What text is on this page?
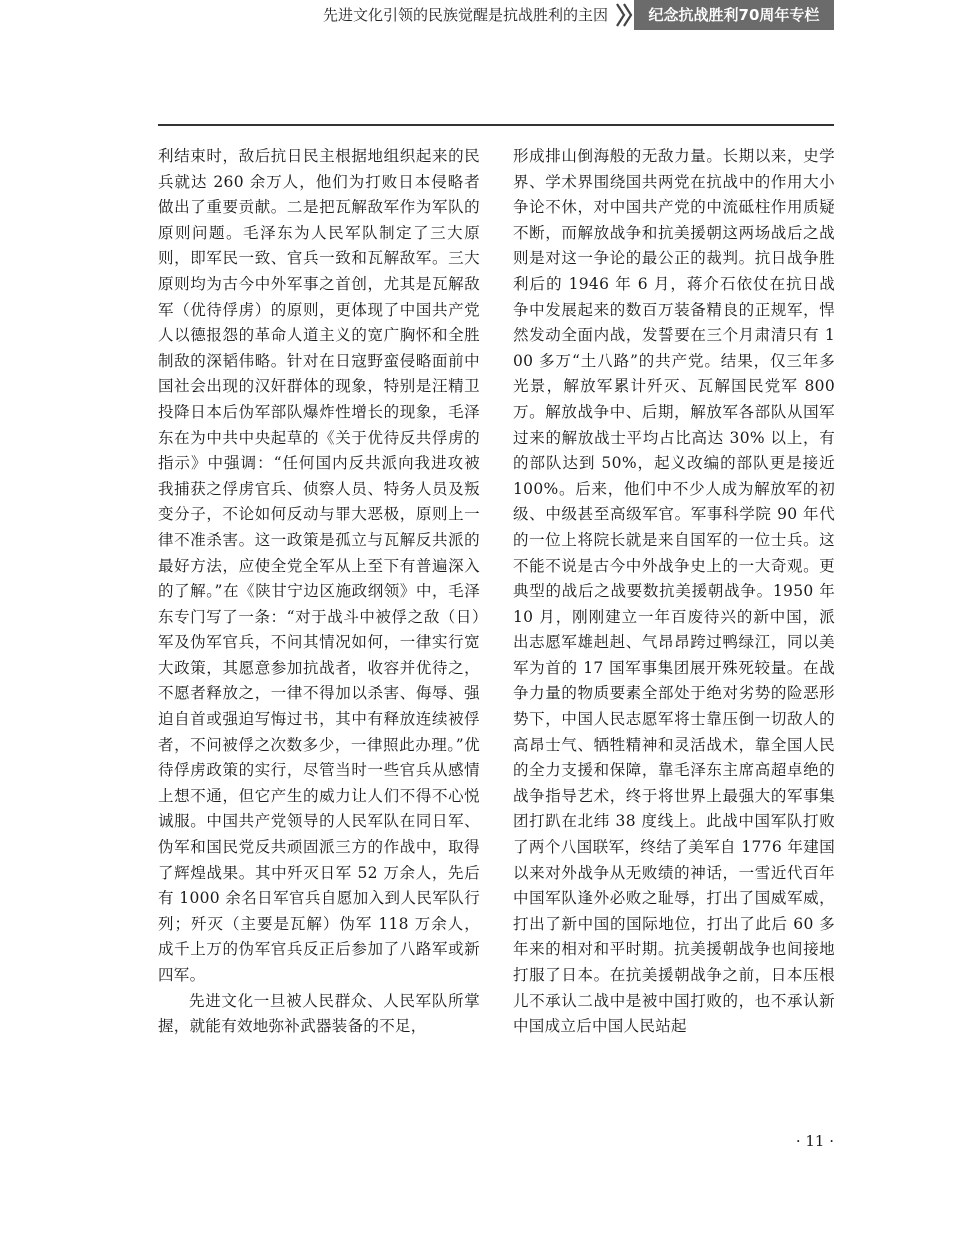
先进文化引领的民族觉醒是抗战胜利的主因	纪念抗战胜利70周年专栏

利结束时，敌后抗日民主根据地组织起来的民兵就达 260 余万人，他们为打败日本侵略者做出了重要贡献。二是把瓦解敌军作为军队的原则问题。毛泽东为人民军队制定了三大原则，即军民一致、官兵一致和瓦解敌军。三大原则均为古今中外军事之首创，尤其是瓦解敌军（优待俘虏）的原则，更体现了中国共产党人以德报怨的革命人道主义的宽广胸怀和全胜制敌的深韬伟略。针对在日寇野蛮侵略面前中国社会出现的汉奸群体的现象，特别是汪精卫投降日本后伪军部队爆炸性增长的现象，毛泽东在为中共中央起草的《关于优待反共俘虏的指示》中强调：“任何国内反共派向我进攻被我捕获之俘虏官兵、侦察人员、特务人员及叛变分子，不论如何反动与罪大恶极，原则上一律不准杀害。这一政策是孤立与瓦解反共派的最好方法，应使全党全军从上至下有普遍深入的了解。”在《陕甘宁边区施政纲领》中，毛泽东专门写了一条：“对于战斗中被俘之敌（日）军及伪军官兵，不问其情况如何，一律实行宽大政策，其愿意参加抗战者，收容并优待之，不愿者释放之，一律不得加以杀害、侮辱、强迫自首或强迫写悔过书，其中有释放连续被俘者，不问被俘之次数多少，一律照此办理。”优待俘虏政策的实行，尽管当时一些官兵从感情上想不通，但它产生的威力让人们不得不心悦诚服。中国共产党领导的人民军队在同日军、伪军和国民党反共顽固派三方的作战中，取得了辉煌战果。其中歼灭日军 52 万余人，先后有 1000 余名日军官兵自愿加入到人民军队行列；歼灭（主要是瓦解）伪军 118 万余人，成千上万的伪军官兵反正后参加了八路军或新四军。

先进文化一旦被人民群众、人民军队所掌握，就能有效地弥补武器装备的不足，

形成排山倒海般的无敌力量。长期以来，史学界、学术界围绕国共两党在抗战中的作用大小争论不休，对中国共产党的中流砥柱作用质疑不断，而解放战争和抗美援朝这两场战后之战则是对这一争论的最公正的裁判。抗日战争胜利后的 1946 年 6 月，蒋介石依仗在抗日战争中发展起来的数百万装备精良的正规军，悍然发动全面内战，发誓要在三个月肃清只有 100 多万“土八路”的共产党。结果，仅三年多光景，解放军累计歼灭、瓦解国民党军 800 万。解放战争中、后期，解放军各部队从国军过来的解放战士平均占比高达 30% 以上，有的部队达到 50%，起义改编的部队更是接近 100%。后来，他们中不少人成为解放军的初级、中级甚至高级军官。军事科学院 90 年代的一位上将院长就是来自国军的一位士兵。这不能不说是古今中外战争史上的一大奇观。更典型的战后之战要数抗美援朝战争。1950 年 10 月，刚刚建立一年百废待兴的新中国，派出志愿军雄赳赳、气昂昂跨过鸭绿江，同以美军为首的 17 国军事集团展开殊死较量。在战争力量的物质要素全部处于绝对劣势的险恶形势下，中国人民志愿军将士靠压倒一切敌人的高昂士气、牺牲精神和灵活战术，靠全国人民的全力支援和保障，靠毛泽东主席高超卓绝的战争指导艺术，终于将世界上最强大的军事集团打趴在北纬 38 度线上。此战中国军队打败了两个八国联军，终结了美军自 1776 年建国以来对外战争从无败绩的神话，一雪近代百年中国军队逢外必败之耻辱，打出了国威军威，打出了新中国的国际地位，打出了此后 60 多年来的相对和平时期。抗美援朝战争也间接地打服了日本。在抗美援朝战争之前，日本压根儿不承认二战中是被中国打败的，也不承认新中国成立后中国人民站起

· 11 ·
